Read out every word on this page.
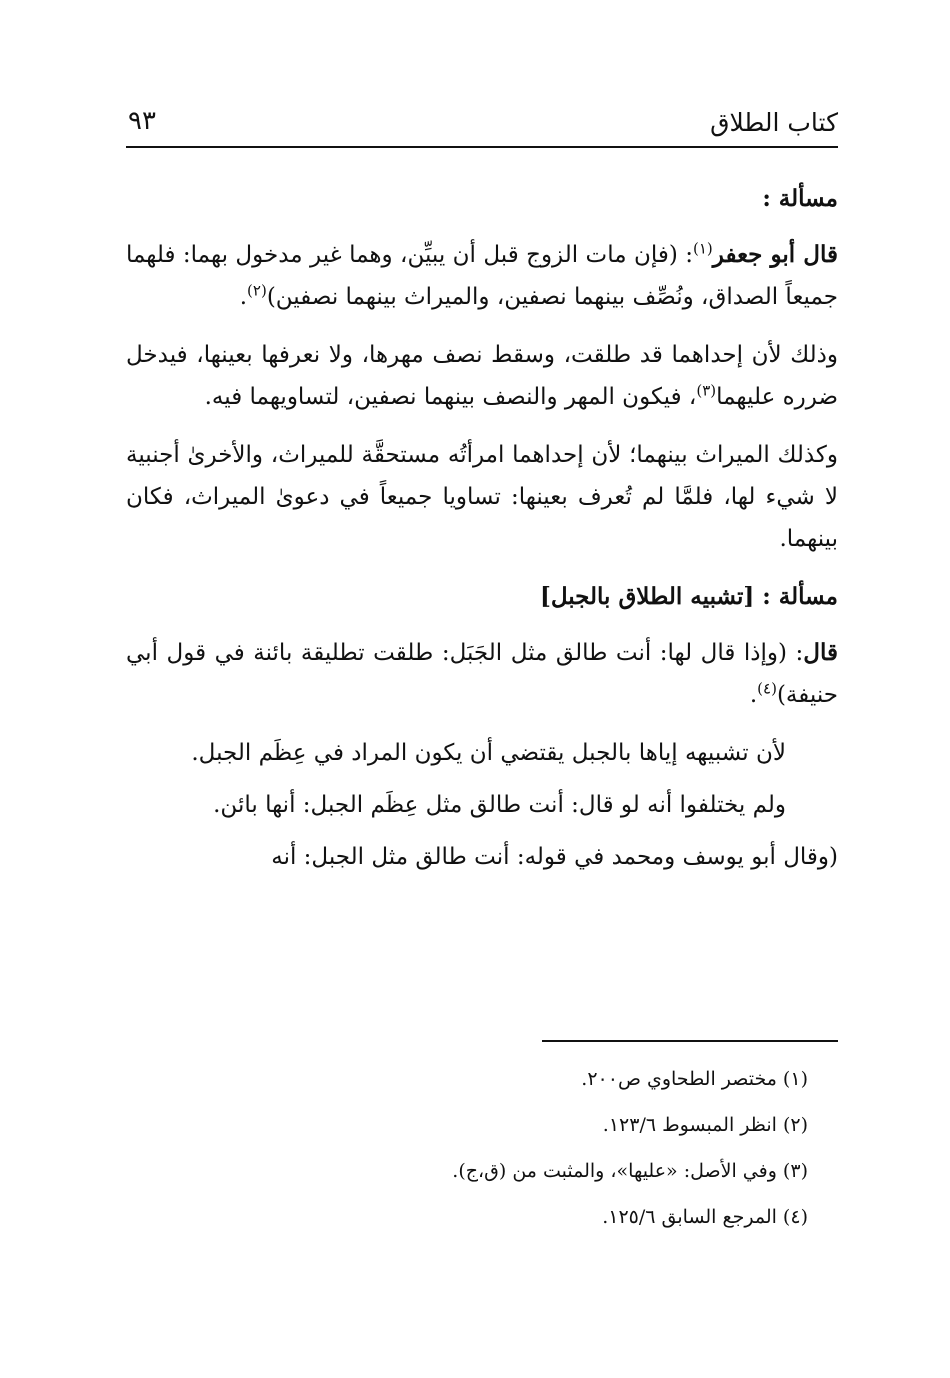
كتاب الطلاق
٩٣

مسألة :

قال أبو جعفر$^{(١)}$: (فإن مات الزوج قبل أن يبيِّن، وهما غير مدخول بهما: فلهما جميعاً الصداق، ونُصِّف بينهما نصفين، والميراث بينهما نصفين)$^{(٢)}$.

وذلك لأن إحداهما قد طلقت، وسقط نصف مهرها، ولا نعرفها بعينها، فيدخل ضرره عليهما$^{(٣)}$، فيكون المهر والنصف بينهما نصفين، لتساويهما فيه.

وكذلك الميراث بينهما؛ لأن إحداهما امرأتُه مستحقَّة للميراث، والأخرىٰ أجنبية لا شيء لها، فلمَّا لم تُعرف بعينها: تساويا جميعاً في دعوىٰ الميراث، فكان بينهما.

مسألة : [تشبيه الطلاق بالجبل]

قال: (وإذا قال لها: أنت طالق مثل الجَبَل: طلقت تطليقة بائنة في قول أبي حنيفة)$^{(٤)}$.

لأن تشبيهه إياها بالجبل يقتضي أن يكون المراد في عِظَم الجبل.

ولم يختلفوا أنه لو قال: أنت طالق مثل عِظَم الجبل: أنها بائن.

(وقال أبو يوسف ومحمد في قوله: أنت طالق مثل الجبل: أنه

(١) مختصر الطحاوي ص٢٠٠.

(٢) انظر المبسوط ١٢٣/٦.

(٣) وفي الأصل: «عليها»، والمثبت من (ق،ج).

(٤) المرجع السابق ١٢٥/٦.
